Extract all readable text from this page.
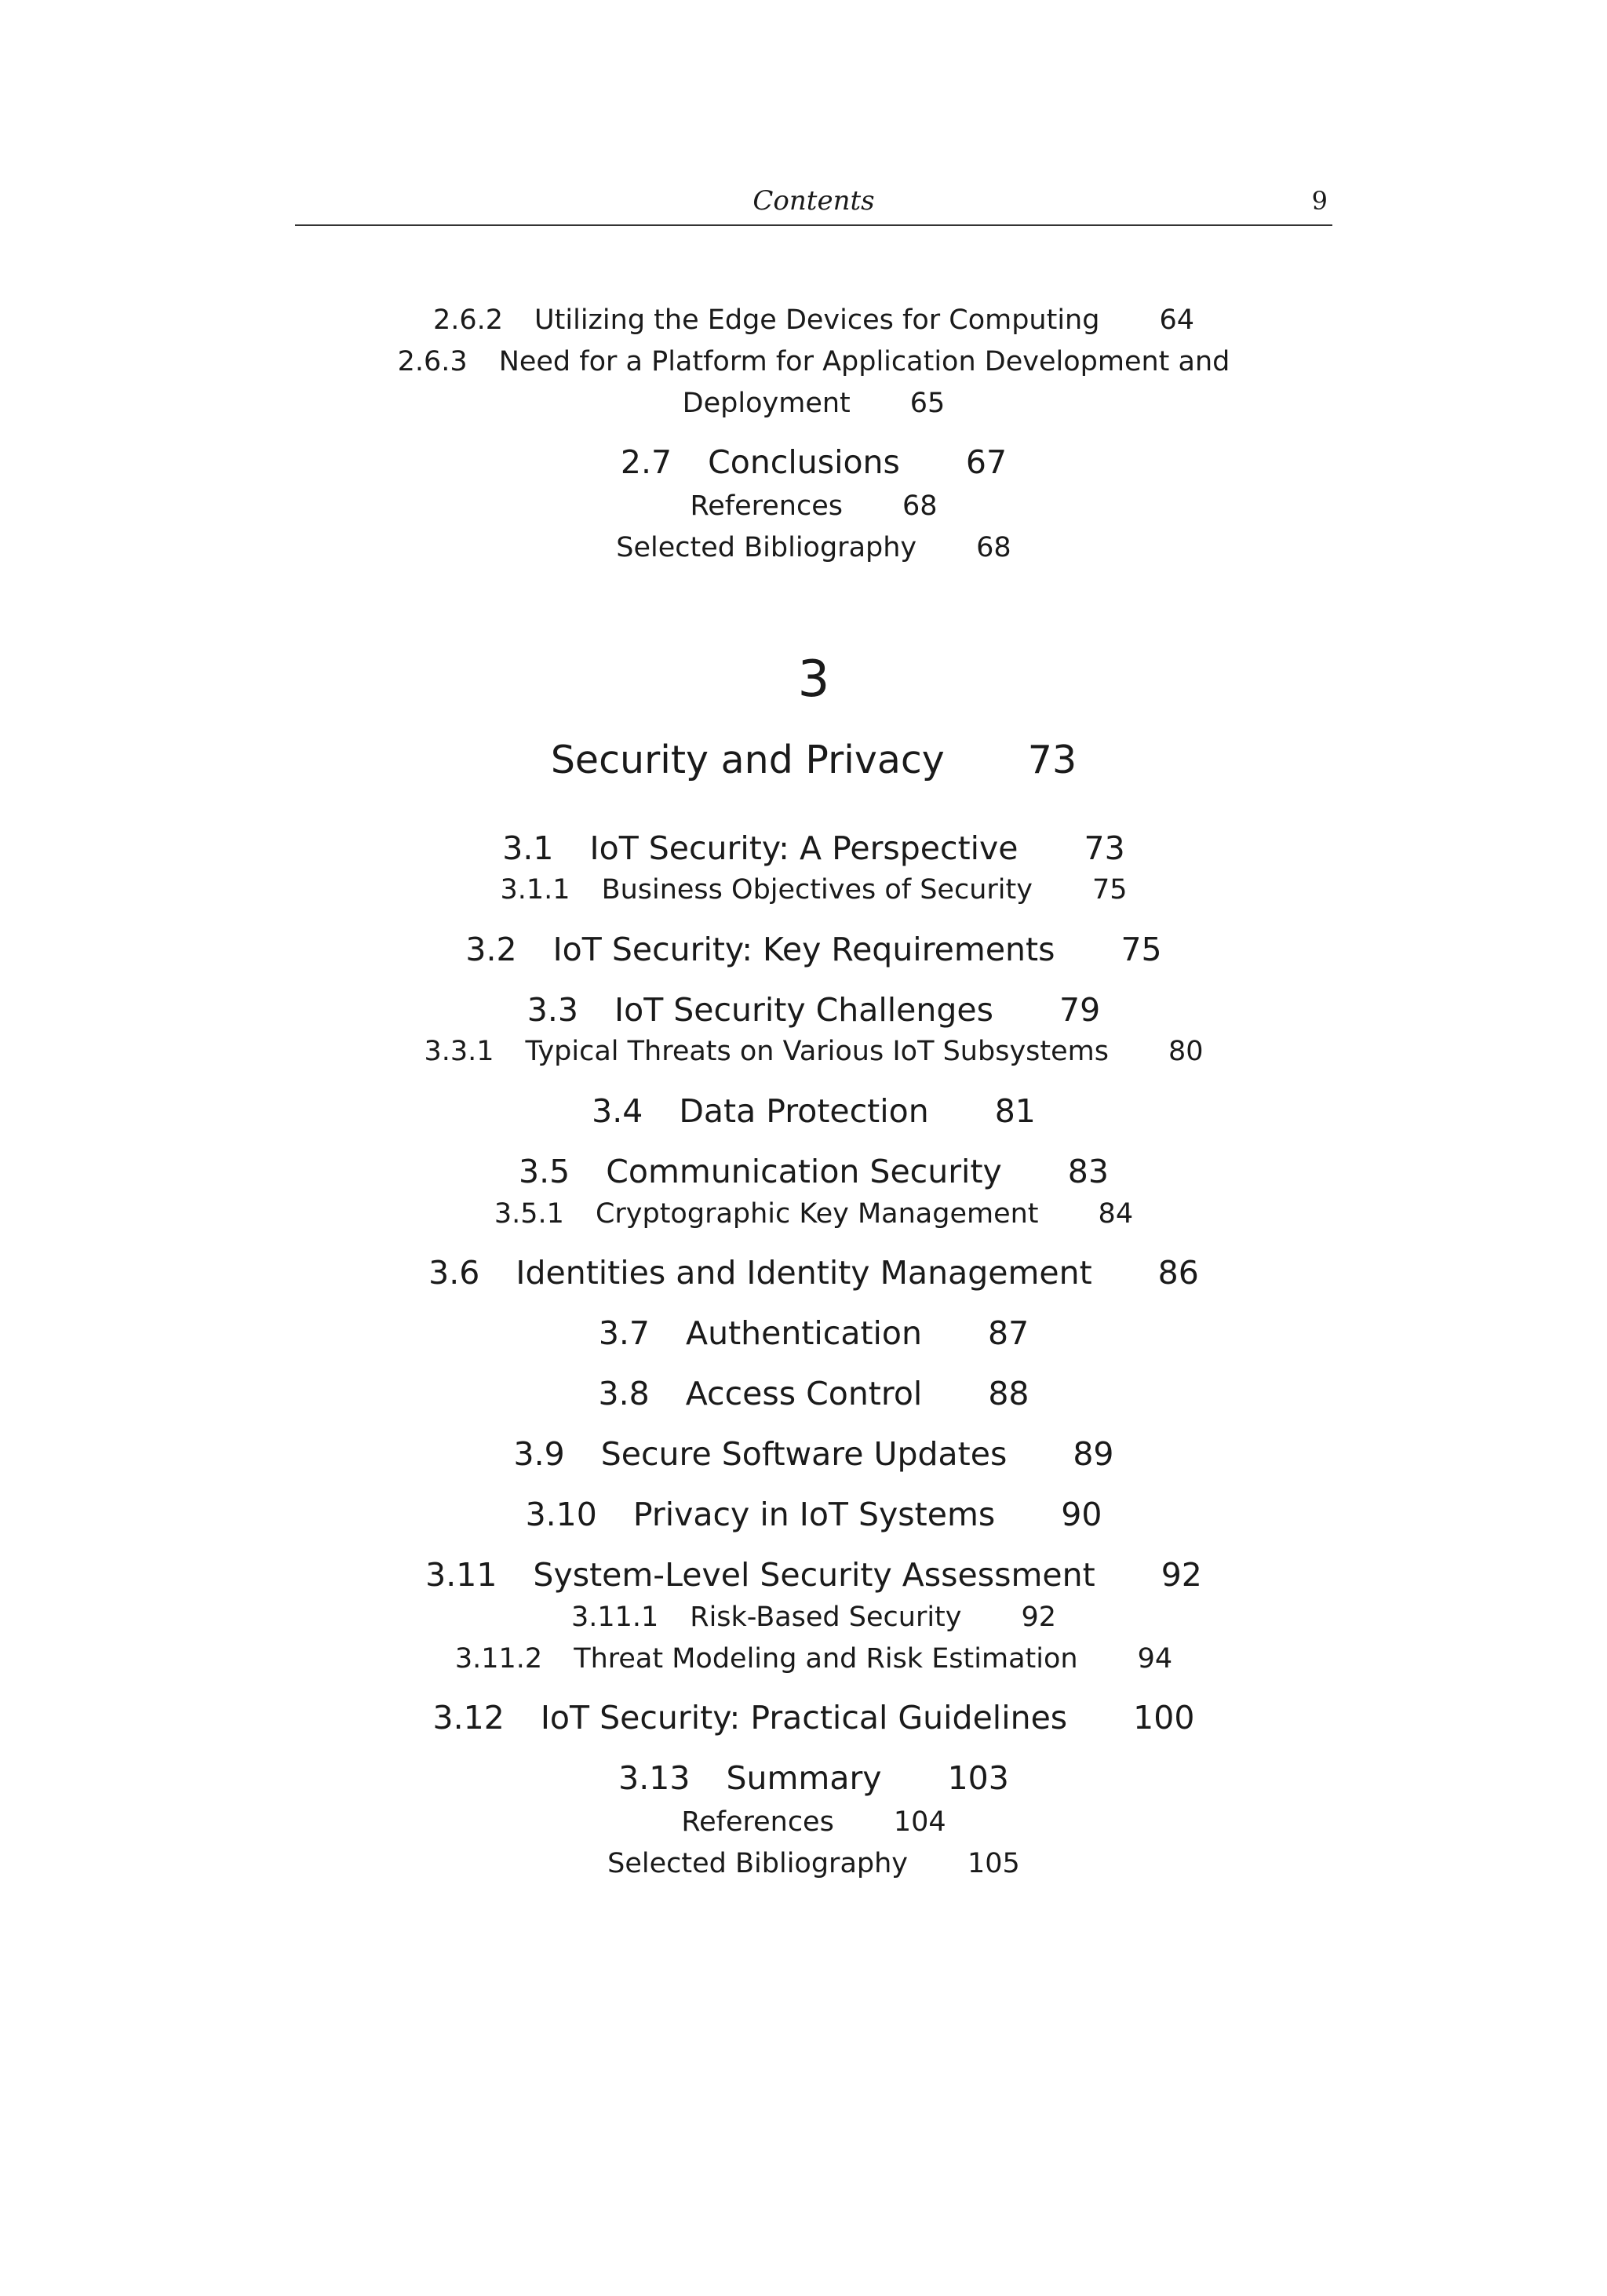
Contents	9
2.6.2 Utilizing the Edge Devices for Computing 64
2.6.3 Need for a Platform for Application Development and
Deployment 65
2.7 Conclusions 67
References 68
Selected Bibliography 68
3
Security and Privacy 73
3.1 IoT Security: A Perspective 73
3.1.1 Business Objectives of Security 75
3.2 IoT Security: Key Requirements 75
3.3 IoT Security Challenges 79
3.3.1 Typical Threats on Various IoT Subsystems 80
3.4 Data Protection 81
3.5 Communication Security 83
3.5.1 Cryptographic Key Management 84
3.6 Identities and Identity Management 86
3.7 Authentication 87
3.8 Access Control 88
3.9 Secure Software Updates 89
3.10 Privacy in IoT Systems 90
3.11 System-Level Security Assessment 92
3.11.1 Risk-Based Security 92
3.11.2 Threat Modeling and Risk Estimation 94
3.12 IoT Security: Practical Guidelines 100
3.13 Summary 103
References 104
Selected Bibliography 105
